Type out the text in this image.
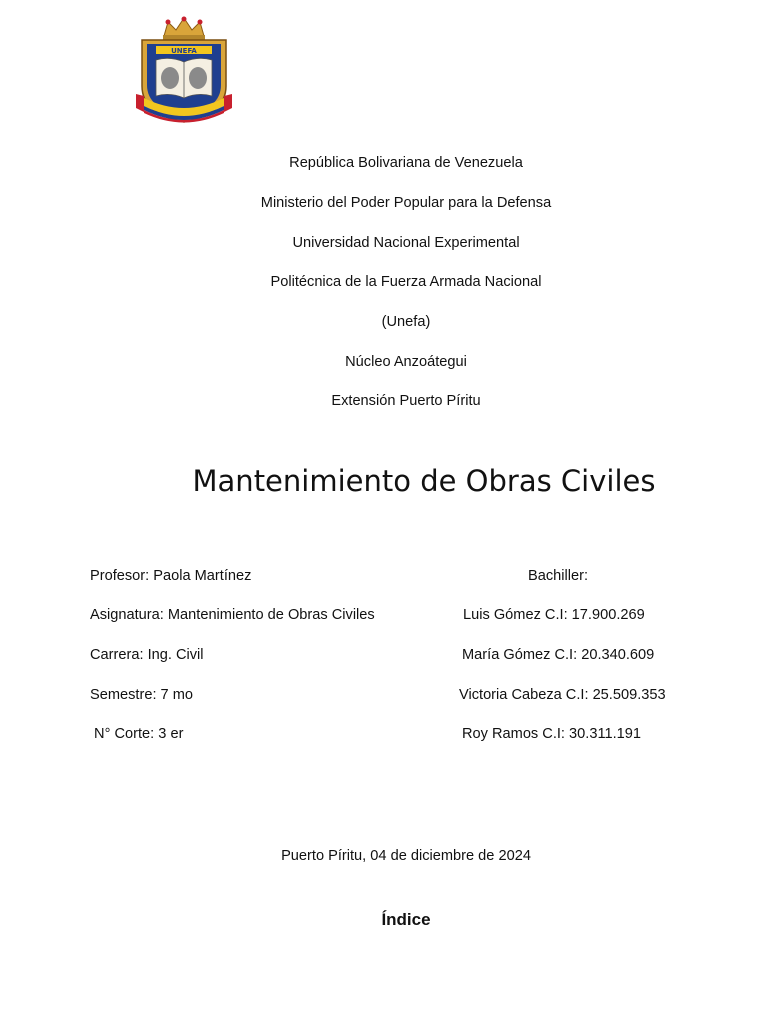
UNEFA
República Bolivariana de Venezuela
Ministerio del Poder Popular para la Defensa
Universidad Nacional Experimental
Politécnica de la Fuerza Armada Nacional
(Unefa)
Núcleo Anzoátegui
Extensión Puerto Píritu
Mantenimiento de Obras Civiles
Profesor: Paola Martínez
Asignatura: Mantenimiento de Obras Civiles
Carrera: Ing. Civil
Semestre: 7 mo
N° Corte: 3 er
Bachiller:
Luis Gómez C.I: 17.900.269
María Gómez C.I: 20.340.609
Victoria Cabeza C.I: 25.509.353
Roy Ramos C.I: 30.311.191
Puerto Píritu, 04 de diciembre de 2024
Índice
